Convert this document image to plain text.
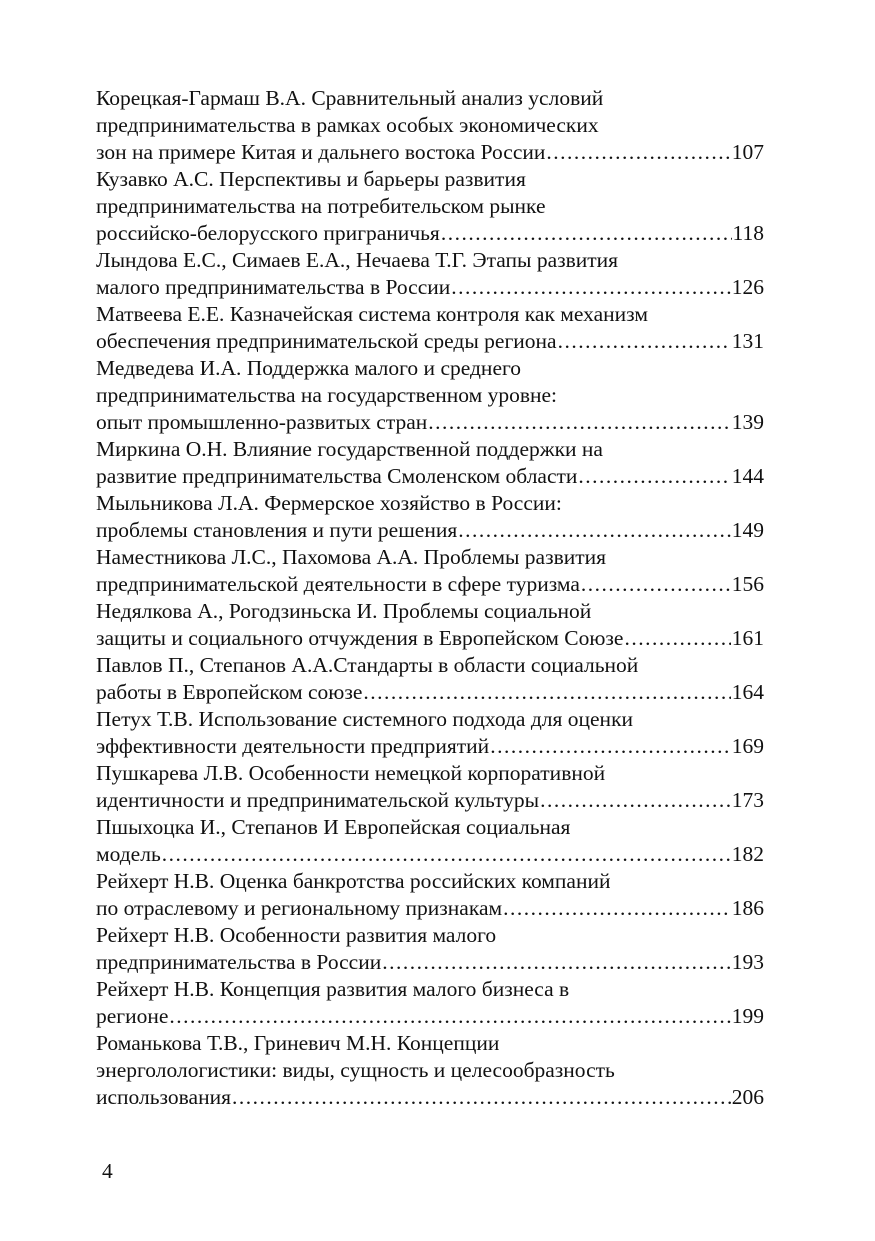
Корецкая-Гармаш В.А. Сравнительный анализ условий
предпринимательства в рамках особых экономических
зон на примере Китая и дальнего востока России .....	107
Кузавко А.С. Перспективы и барьеры развития
предпринимательства на потребительском рынке
российско-белорусского приграничья .....	118
Лындова Е.С., Симаев Е.А., Нечаева Т.Г. Этапы развития
малого предпринимательства в России .....	126
Матвеева Е.Е. Казначейская система контроля как механизм
обеспечения предпринимательской среды региона .....	131
Медведева И.А. Поддержка малого и среднего
предпринимательства на государственном уровне:
опыт промышленно-развитых стран .....	139
Миркина О.Н. Влияние государственной поддержки на
развитие предпринимательства Смоленском области .....	144
Мыльникова Л.А. Фермерское хозяйство в России:
проблемы становления и пути решения .....	149
Наместникова Л.С., Пахомова А.А. Проблемы развития
предпринимательской деятельности в сфере туризма .....	156
Недялкова А., Рогодзиньска И. Проблемы социальной
защиты и социального отчуждения в Европейском Союзе .....	161
Павлов П., Степанов А.А.Стандарты в области социальной
работы в Европейском союзе .....	164
Петух Т.В. Использование системного подхода для оценки
эффективности деятельности предприятий .....	169
Пушкарева Л.В. Особенности немецкой корпоративной
идентичности и предпринимательской культуры .....	173
Пшыхоцка И., Степанов И Европейская социальная
модель .....	182
Рейхерт Н.В. Оценка банкротства российских компаний
по отраслевому и региональному признакам .....	186
Рейхерт Н.В. Особенности развития малого
предпринимательства в России .....	193
Рейхерт Н.В. Концепция развития малого бизнеса в
регионе .....	199
Романькова Т.В., Гриневич М.Н. Концепции
энерголологистики: виды, сущность и целесообразность
использования .....	206
4
